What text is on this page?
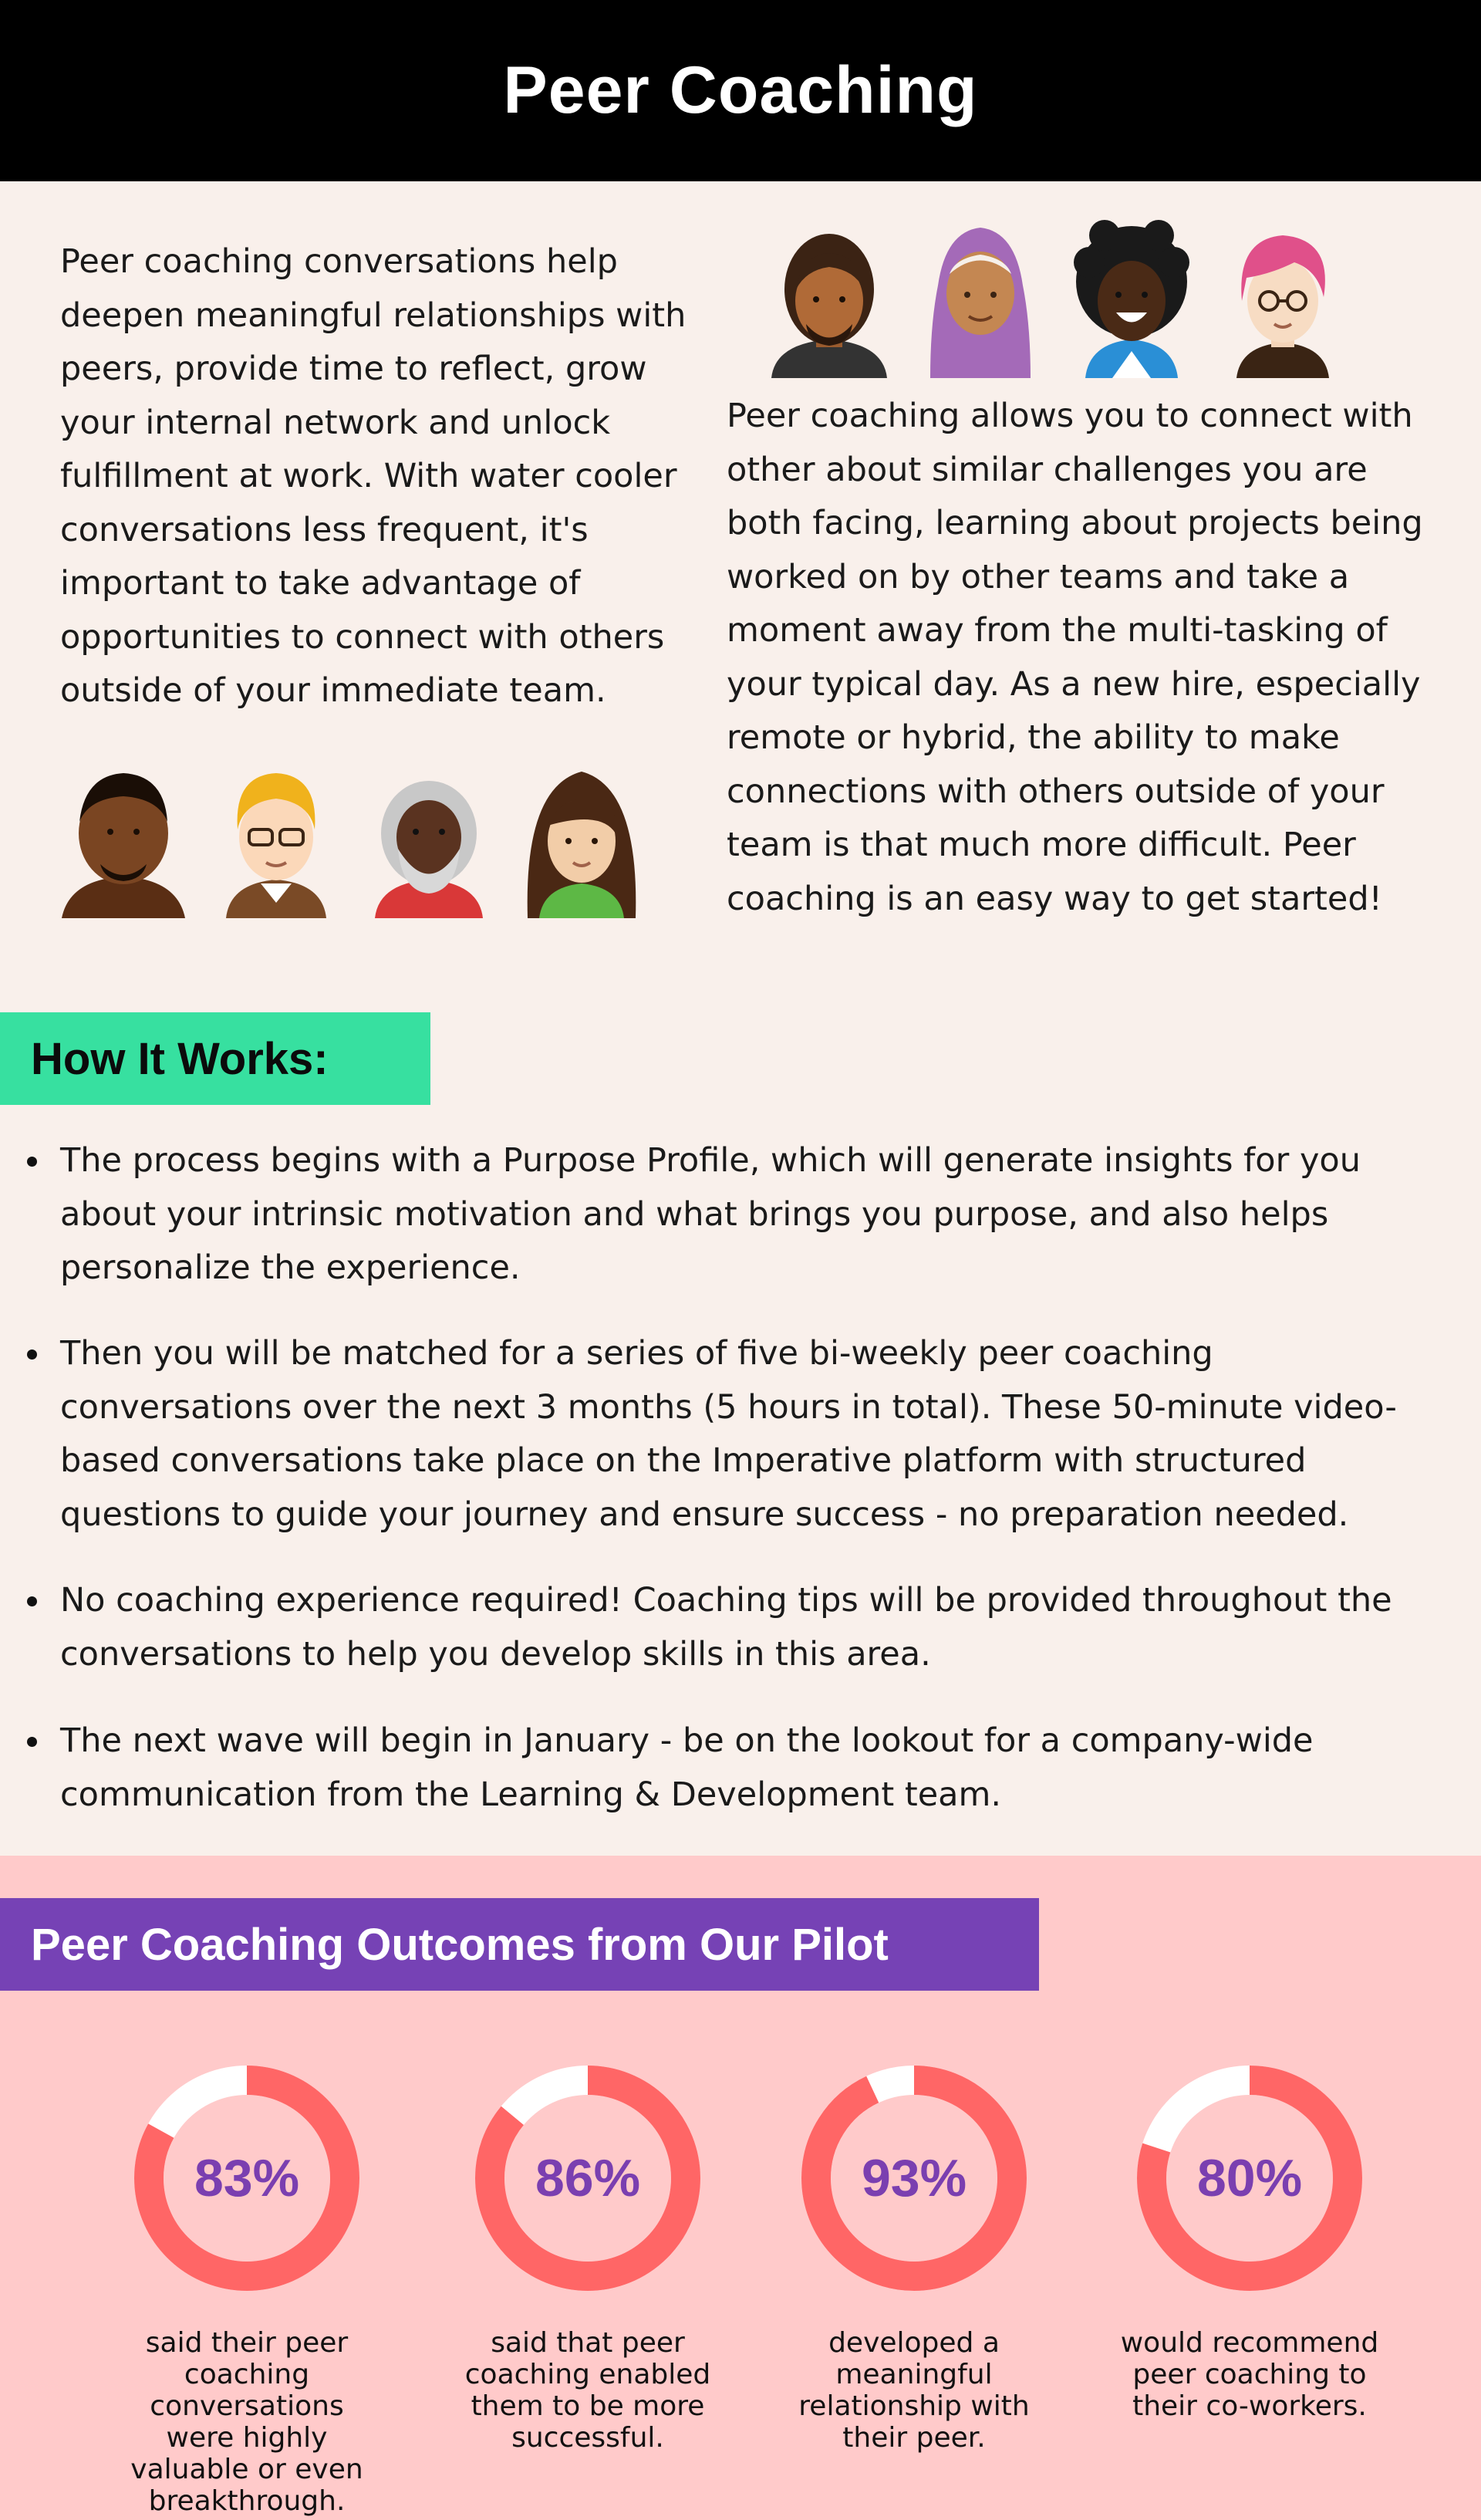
Peer Coaching
Peer coaching conversations help deepen meaningful relationships with peers, provide time to reflect, grow your internal network and unlock fulfillment at work. With water cooler conversations less frequent, it's important to take advantage of opportunities to connect with others outside of your immediate team.
Peer coaching allows you to connect with other about similar challenges you are both facing, learning about projects being worked on by other teams and take a moment away from the multi-tasking of your typical day. As a new hire, especially remote or hybrid, the ability to make connections with others outside of your team is that much more difficult. Peer coaching is an easy way to get started!
How It Works:
The process begins with a Purpose Profile, which will generate insights for you about your intrinsic motivation and what brings you purpose, and also helps personalize the experience.
Then you will be matched for a series of five bi-weekly peer coaching conversations over the next 3 months (5 hours in total). These 50-minute video-based conversations take place on the Imperative platform with structured questions to guide your journey and ensure success - no preparation needed.
No coaching experience required! Coaching tips will be provided throughout the conversations to help you develop skills in this area.
The next wave will begin in January - be on the lookout for a company-wide communication from the Learning & Development team.
Peer Coaching Outcomes from Our Pilot
83%
said their peer coaching conversations were highly valuable or even breakthrough.
86%
said that peer coaching enabled them to be more successful.
93%
developed a meaningful relationship with their peer.
80%
would recommend peer coaching to their co-workers.
